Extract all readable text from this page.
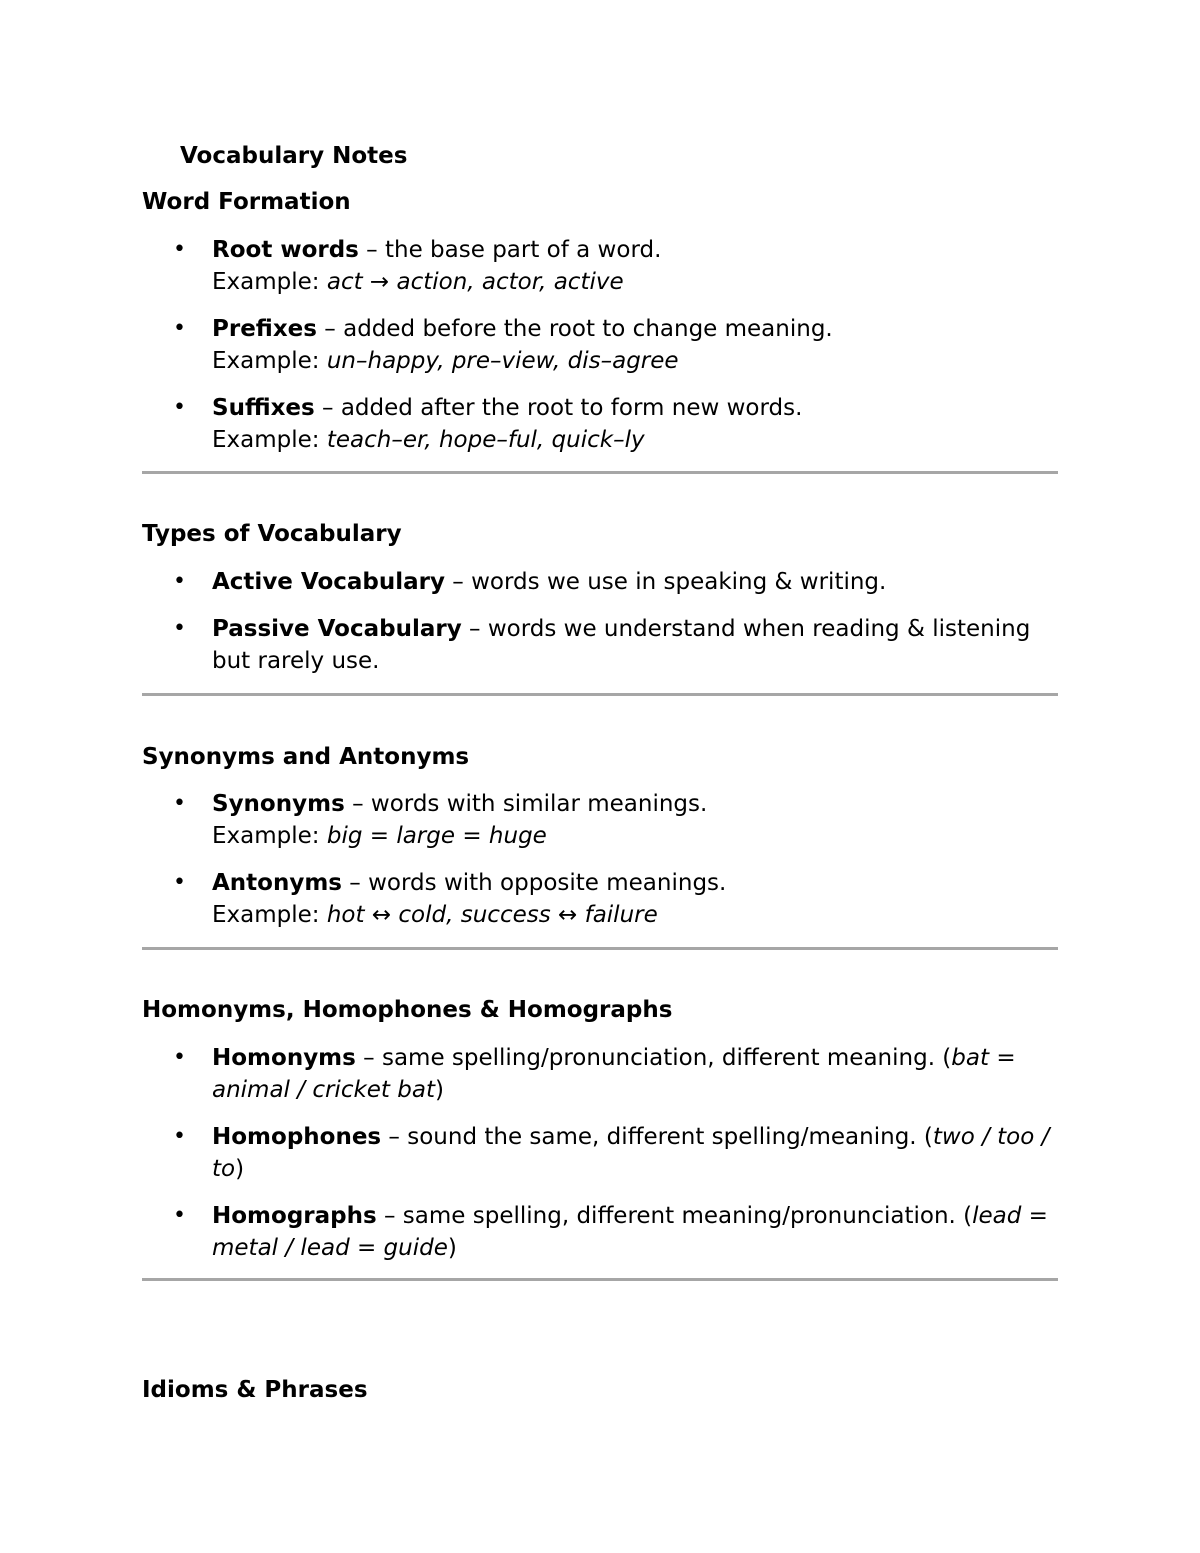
Vocabulary Notes
Word Formation
• Root words – the base part of a word.
Example: act → action, actor, active
• Prefixes – added before the root to change meaning.
Example: un–happy, pre–view, dis–agree
• Suffixes – added after the root to form new words.
Example: teach–er, hope–ful, quick–ly
Types of Vocabulary
• Active Vocabulary – words we use in speaking & writing.
• Passive Vocabulary – words we understand when reading & listening but rarely use.
Synonyms and Antonyms
• Synonyms – words with similar meanings.
Example: big = large = huge
• Antonyms – words with opposite meanings.
Example: hot ↔ cold, success ↔ failure
Homonyms, Homophones & Homographs
• Homonyms – same spelling/pronunciation, different meaning. (bat = animal / cricket bat)
• Homophones – sound the same, different spelling/meaning. (two / too / to)
• Homographs – same spelling, different meaning/pronunciation. (lead = metal / lead = guide)
Idioms & Phrases
